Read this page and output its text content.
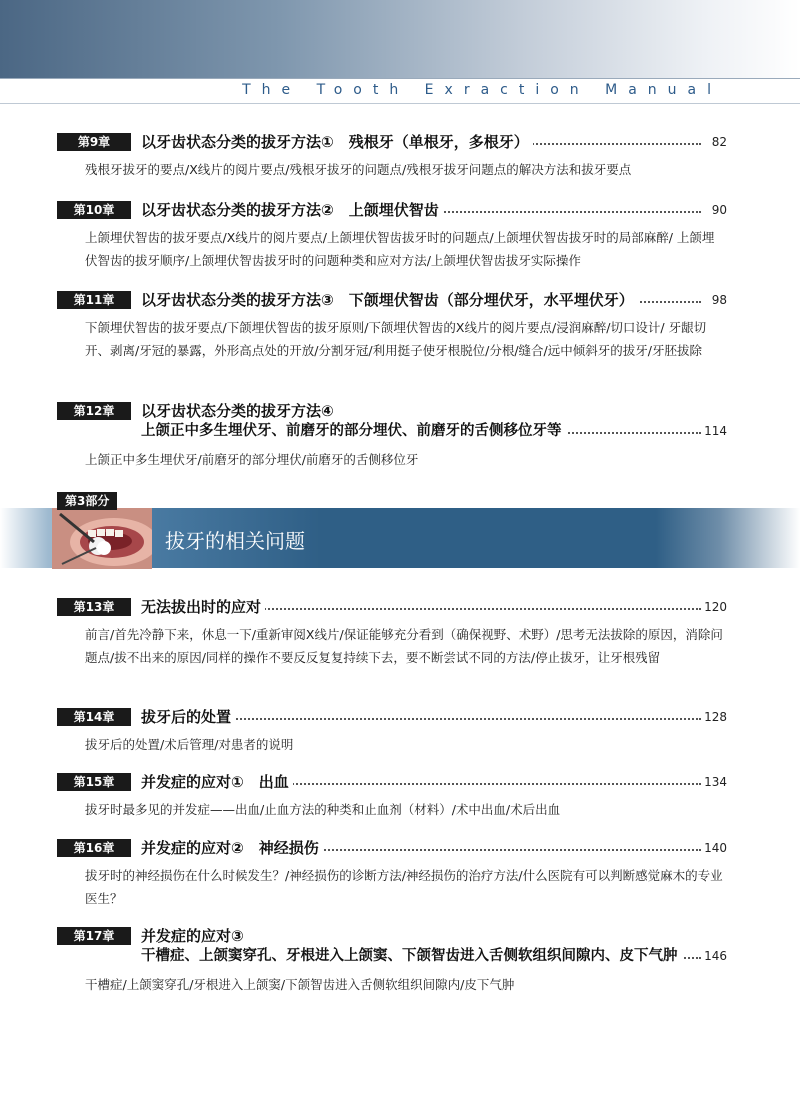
The Tooth Exraction Manual
第9章	以牙齿状态分类的拔牙方法①　残根牙（单根牙，多根牙）	82
残根牙拔牙的要点/X线片的阅片要点/残根牙拔牙的问题点/残根牙拔牙问题点的解决方法和拔牙要点
第10章	以牙齿状态分类的拔牙方法②　上颌埋伏智齿	90
上颌埋伏智齿的拔牙要点/X线片的阅片要点/上颌埋伏智齿拔牙时的问题点/上颌埋伏智齿拔牙时的局部麻醉/ 上颌埋伏智齿的拔牙顺序/上颌埋伏智齿拔牙时的问题种类和应对方法/上颌埋伏智齿拔牙实际操作
第11章	以牙齿状态分类的拔牙方法③　下颌埋伏智齿（部分埋伏牙，水平埋伏牙）	98
下颌埋伏智齿的拔牙要点/下颌埋伏智齿的拔牙原则/下颌埋伏智齿的X线片的阅片要点/浸润麻醉/切口设计/ 牙龈切开、剥离/牙冠的暴露，外形高点处的开放/分割牙冠/利用挺子使牙根脱位/分根/缝合/远中倾斜牙的拔牙/牙胚拔除
第12章	以牙齿状态分类的拔牙方法④
上颌正中多生埋伏牙、前磨牙的部分埋伏、前磨牙的舌侧移位牙等	114
上颌正中多生埋伏牙/前磨牙的部分埋伏/前磨牙的舌侧移位牙
第3部分
拔牙的相关问题
第13章	无法拔出时的应对	120
前言/首先冷静下来，休息一下/重新审阅X线片/保证能够充分看到（确保视野、术野）/思考无法拔除的原因，消除问题点/拔不出来的原因/同样的操作不要反反复复持续下去，要不断尝试不同的方法/停止拔牙，让牙根残留
第14章	拔牙后的处置	128
拔牙后的处置/术后管理/对患者的说明
第15章	并发症的应对①　出血	134
拔牙时最多见的并发症——出血/止血方法的种类和止血剂（材料）/术中出血/术后出血
第16章	并发症的应对②　神经损伤	140
拔牙时的神经损伤在什么时候发生？/神经损伤的诊断方法/神经损伤的治疗方法/什么医院有可以判断感觉麻木的专业医生？
第17章	并发症的应对③
干槽症、上颌窦穿孔、牙根进入上颌窦、下颌智齿进入舌侧软组织间隙内、皮下气肿	146
干槽症/上颌窦穿孔/牙根进入上颌窦/下颌智齿进入舌侧软组织间隙内/皮下气肿
